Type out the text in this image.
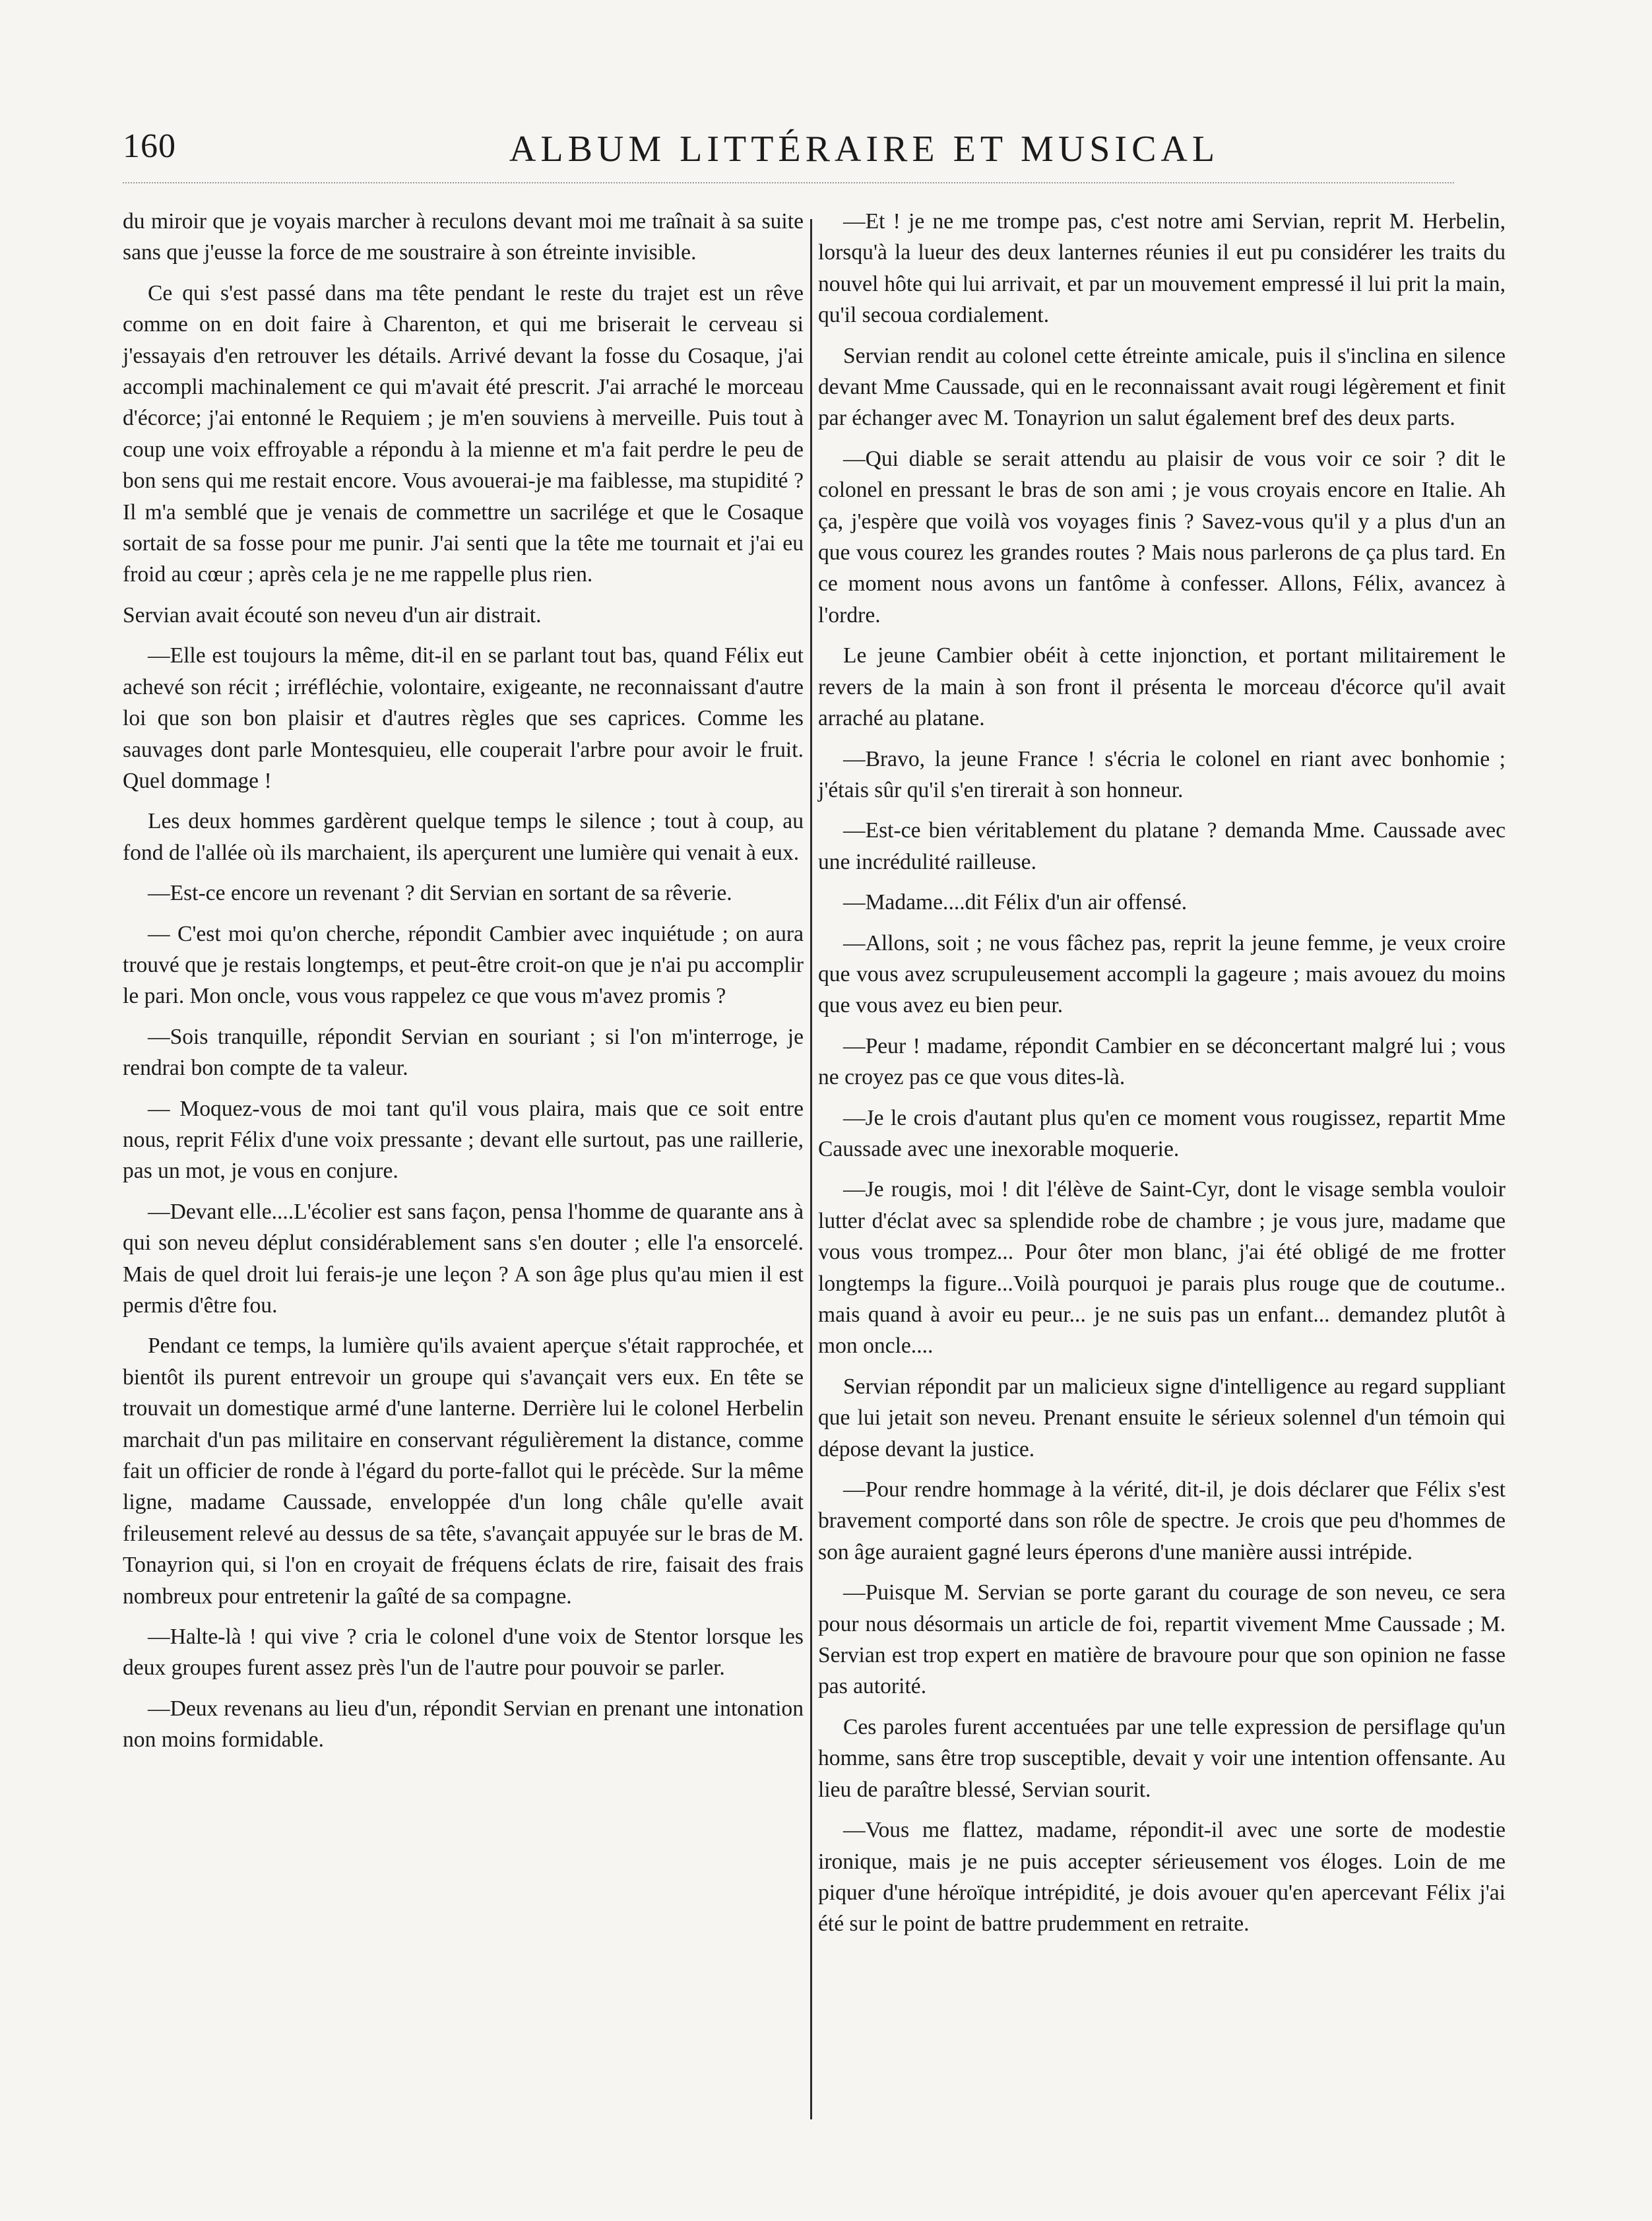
160	ALBUM LITTÉRAIRE ET MUSICAL

du miroir que je voyais marcher à reculons devant moi me traînait à sa suite sans que j'eusse la force de me soustraire à son étreinte invisible.

Ce qui s'est passé dans ma tête pendant le reste du trajet est un rêve comme on en doit faire à Charenton, et qui me briserait le cerveau si j'essayais d'en retrouver les détails. Arrivé devant la fosse du Cosaque, j'ai accompli machinalement ce qui m'avait été prescrit. J'ai arraché le morceau d'écorce; j'ai entonné le Requiem ; je m'en souviens à merveille. Puis tout à coup une voix effroyable a répondu à la mienne et m'a fait perdre le peu de bon sens qui me restait encore. Vous avouerai-je ma faiblesse, ma stupidité ? Il m'a semblé que je venais de commettre un sacrilége et que le Cosaque sortait de sa fosse pour me punir. J'ai senti que la tête me tournait et j'ai eu froid au cœur ; après cela je ne me rappelle plus rien.

Servian avait écouté son neveu d'un air distrait.

—Elle est toujours la même, dit-il en se parlant tout bas, quand Félix eut achevé son récit ; irréfléchie, volontaire, exigeante, ne reconnaissant d'autre loi que son bon plaisir et d'autres règles que ses caprices. Comme les sauvages dont parle Montesquieu, elle couperait l'arbre pour avoir le fruit. Quel dommage !

Les deux hommes gardèrent quelque temps le silence ; tout à coup, au fond de l'allée où ils marchaient, ils aperçurent une lumière qui venait à eux.

—Est-ce encore un revenant ? dit Servian en sortant de sa rêverie.

— C'est moi qu'on cherche, répondit Cambier avec inquiétude ; on aura trouvé que je restais longtemps, et peut-être croit-on que je n'ai pu accomplir le pari. Mon oncle, vous vous rappelez ce que vous m'avez promis ?

—Sois tranquille, répondit Servian en souriant ; si l'on m'interroge, je rendrai bon compte de ta valeur.

— Moquez-vous de moi tant qu'il vous plaira, mais que ce soit entre nous, reprit Félix d'une voix pressante ; devant elle surtout, pas une raillerie, pas un mot, je vous en conjure.

—Devant elle....L'écolier est sans façon, pensa l'homme de quarante ans à qui son neveu déplut considérablement sans s'en douter ; elle l'a ensorcelé. Mais de quel droit lui ferais-je une leçon ? A son âge plus qu'au mien il est permis d'être fou.

Pendant ce temps, la lumière qu'ils avaient aperçue s'était rapprochée, et bientôt ils purent entrevoir un groupe qui s'avançait vers eux. En tête se trouvait un domestique armé d'une lanterne. Derrière lui le colonel Herbelin marchait d'un pas militaire en conservant régulièrement la distance, comme fait un officier de ronde à l'égard du porte-fallot qui le précède. Sur la même ligne, madame Caussade, enveloppée d'un long châle qu'elle avait frileusement relevé au dessus de sa tête, s'avançait appuyée sur le bras de M. Tonayrion qui, si l'on en croyait de fréquens éclats de rire, faisait des frais nombreux pour entretenir la gaîté de sa compagne.

—Halte-là ! qui vive ? cria le colonel d'une voix de Stentor lorsque les deux groupes furent assez près l'un de l'autre pour pouvoir se parler.

—Deux revenans au lieu d'un, répondit Servian en prenant une intonation non moins formidable.

—Et ! je ne me trompe pas, c'est notre ami Servian, reprit M. Herbelin, lorsqu'à la lueur des deux lanternes réunies il eut pu considérer les traits du nouvel hôte qui lui arrivait, et par un mouvement empressé il lui prit la main, qu'il secoua cordialement.

Servian rendit au colonel cette étreinte amicale, puis il s'inclina en silence devant Mme Caussade, qui en le reconnaissant avait rougi légèrement et finit par échanger avec M. Tonayrion un salut également bref des deux parts.

—Qui diable se serait attendu au plaisir de vous voir ce soir ? dit le colonel en pressant le bras de son ami ; je vous croyais encore en Italie. Ah ça, j'espère que voilà vos voyages finis ? Savez-vous qu'il y a plus d'un an que vous courez les grandes routes ? Mais nous parlerons de ça plus tard. En ce moment nous avons un fantôme à confesser. Allons, Félix, avancez à l'ordre.

Le jeune Cambier obéit à cette injonction, et portant militairement le revers de la main à son front il présenta le morceau d'écorce qu'il avait arraché au platane.

—Bravo, la jeune France ! s'écria le colonel en riant avec bonhomie ; j'étais sûr qu'il s'en tirerait à son honneur.

—Est-ce bien véritablement du platane ? demanda Mme. Caussade avec une incrédulité railleuse.

—Madame....dit Félix d'un air offensé.

—Allons, soit ; ne vous fâchez pas, reprit la jeune femme, je veux croire que vous avez scrupuleusement accompli la gageure ; mais avouez du moins que vous avez eu bien peur.

—Peur ! madame, répondit Cambier en se déconcertant malgré lui ; vous ne croyez pas ce que vous dites-là.

—Je le crois d'autant plus qu'en ce moment vous rougissez, repartit Mme Caussade avec une inexorable moquerie.

—Je rougis, moi ! dit l'élève de Saint-Cyr, dont le visage sembla vouloir lutter d'éclat avec sa splendide robe de chambre ; je vous jure, madame que vous vous trompez... Pour ôter mon blanc, j'ai été obligé de me frotter longtemps la figure...Voilà pourquoi je parais plus rouge que de coutume.. mais quand à avoir eu peur... je ne suis pas un enfant... demandez plutôt à mon oncle....

Servian répondit par un malicieux signe d'intelligence au regard suppliant que lui jetait son neveu. Prenant ensuite le sérieux solennel d'un témoin qui dépose devant la justice.

—Pour rendre hommage à la vérité, dit-il, je dois déclarer que Félix s'est bravement comporté dans son rôle de spectre. Je crois que peu d'hommes de son âge auraient gagné leurs éperons d'une manière aussi intrépide.

—Puisque M. Servian se porte garant du courage de son neveu, ce sera pour nous désormais un article de foi, repartit vivement Mme Caussade ; M. Servian est trop expert en matière de bravoure pour que son opinion ne fasse pas autorité.

Ces paroles furent accentuées par une telle expression de persiflage qu'un homme, sans être trop susceptible, devait y voir une intention offensante. Au lieu de paraître blessé, Servian sourit.

—Vous me flattez, madame, répondit-il avec une sorte de modestie ironique, mais je ne puis accepter sérieusement vos éloges. Loin de me piquer d'une héroïque intrépidité, je dois avouer qu'en apercevant Félix j'ai été sur le point de battre prudemment en retraite.
